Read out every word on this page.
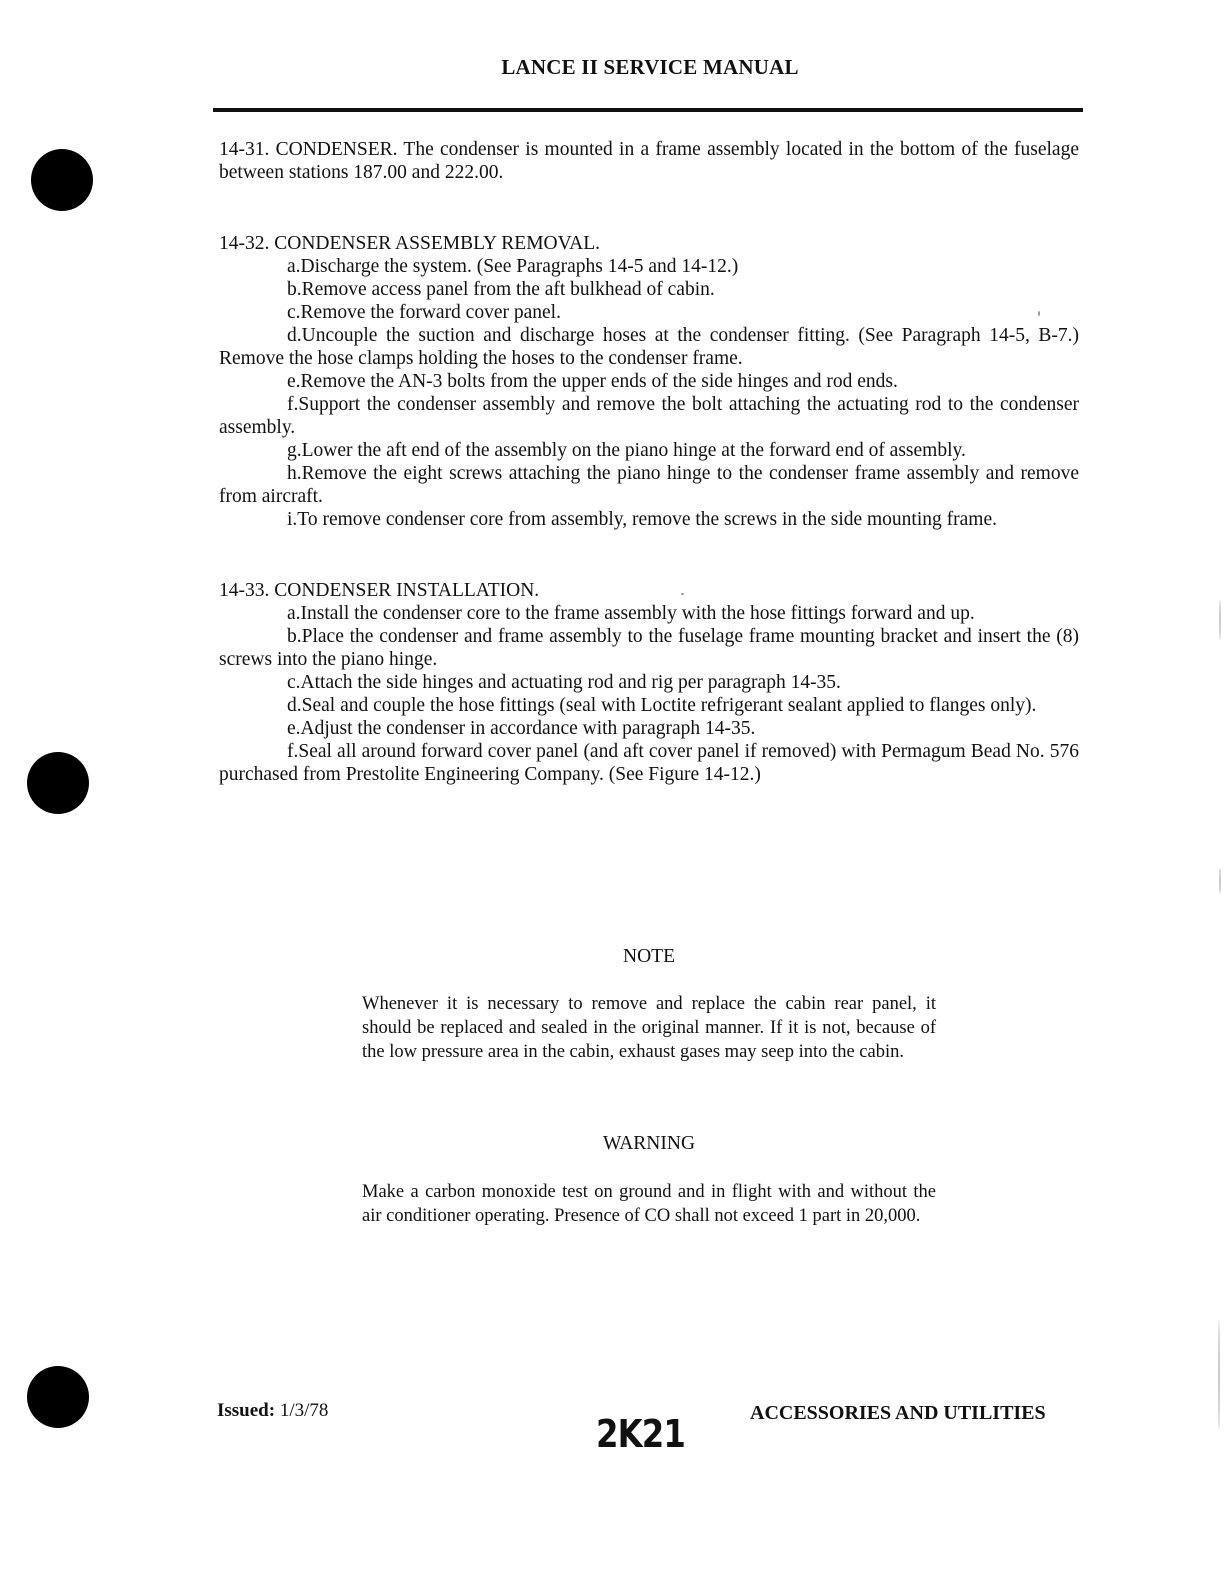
LANCE II SERVICE MANUAL

14-31. CONDENSER. The condenser is mounted in a frame assembly located in the bottom of the fuselage between stations 187.00 and 222.00.

14-32. CONDENSER ASSEMBLY REMOVAL.

a.Discharge the system. (See Paragraphs 14-5 and 14-12.)

b.Remove access panel from the aft bulkhead of cabin.

c.Remove the forward cover panel.

d.Uncouple the suction and discharge hoses at the condenser fitting. (See Paragraph 14-5, B-7.) Remove the hose clamps holding the hoses to the condenser frame.

e.Remove the AN-3 bolts from the upper ends of the side hinges and rod ends.

f.Support the condenser assembly and remove the bolt attaching the actuating rod to the condenser assembly.

g.Lower the aft end of the assembly on the piano hinge at the forward end of assembly.

h.Remove the eight screws attaching the piano hinge to the condenser frame assembly and remove from aircraft.

i.To remove condenser core from assembly, remove the screws in the side mounting frame.

14-33. CONDENSER INSTALLATION.

a.Install the condenser core to the frame assembly with the hose fittings forward and up.

b.Place the condenser and frame assembly to the fuselage frame mounting bracket and insert the (8) screws into the piano hinge.

c.Attach the side hinges and actuating rod and rig per paragraph 14-35.

d.Seal and couple the hose fittings (seal with Loctite refrigerant sealant applied to flanges only).

e.Adjust the condenser in accordance with paragraph 14-35.

f.Seal all around forward cover panel (and aft cover panel if removed) with Permagum Bead No. 576 purchased from Prestolite Engineering Company. (See Figure 14-12.)

NOTE
Whenever it is necessary to remove and replace the cabin rear panel, it should be replaced and sealed in the original manner. If it is not, because of the low pressure area in the cabin, exhaust gases may seep into the cabin.
WARNING
Make a carbon monoxide test on ground and in flight with and without the air conditioner operating. Presence of CO shall not exceed 1 part in 20,000.
Issued: 1/3/78
2K21	ACCESSORIES AND UTILITIES
